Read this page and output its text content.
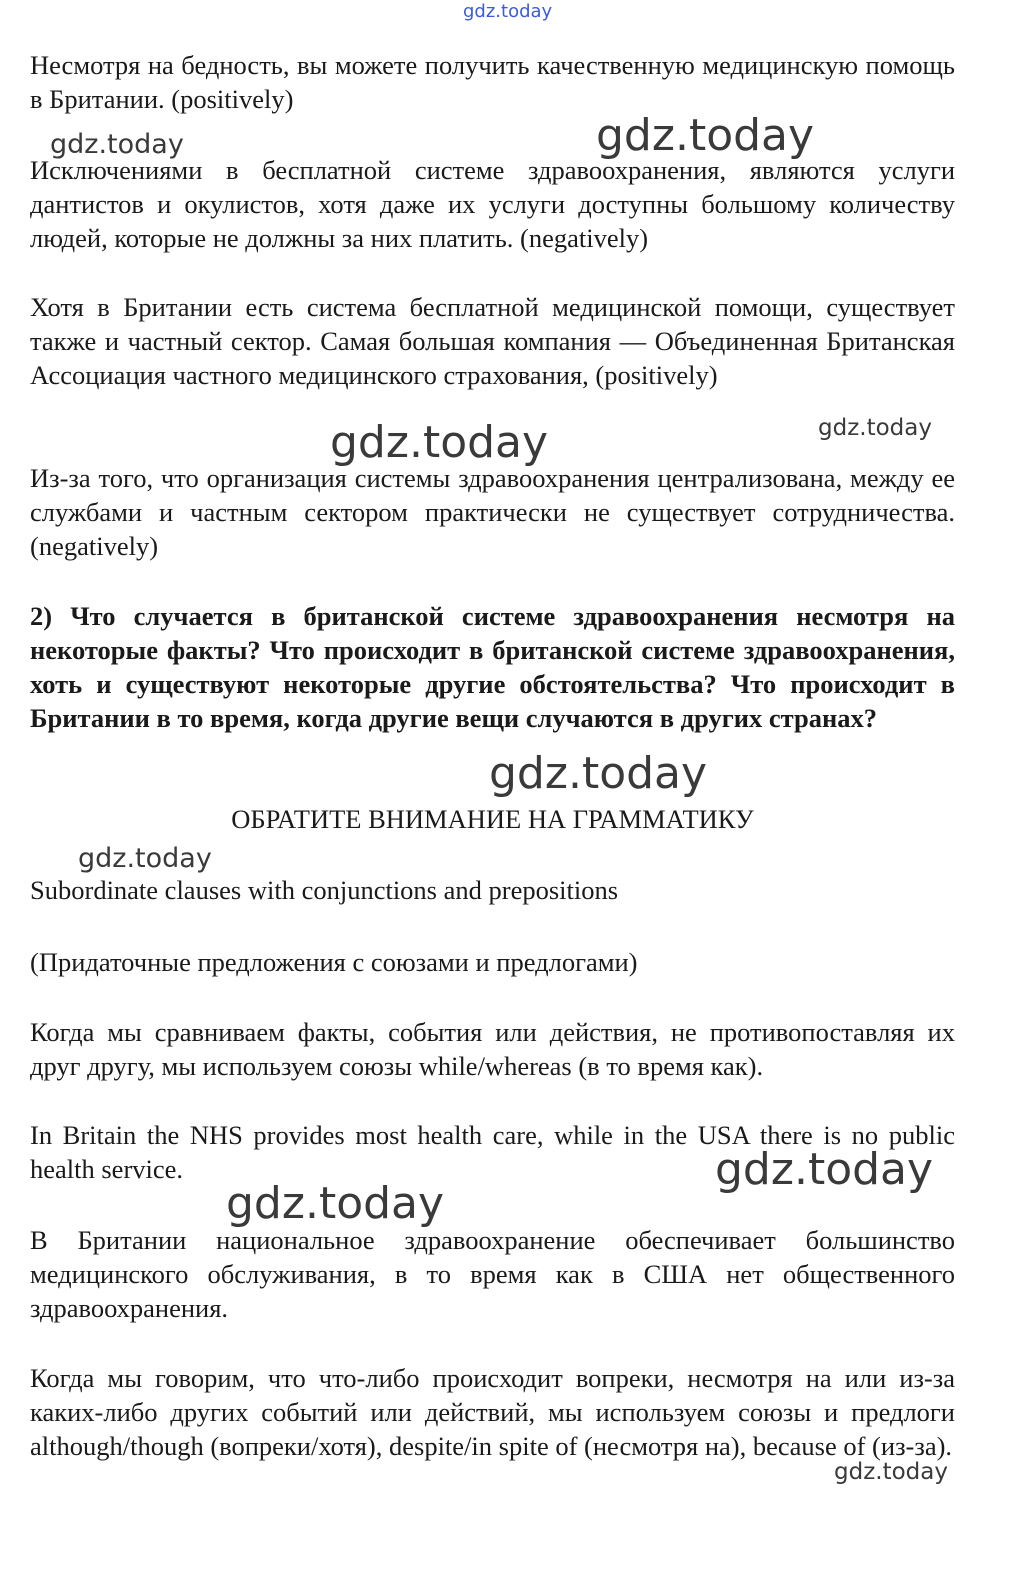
Несмотря на бедность, вы можете получить качественную медицинскую помощь в Британии. (positively)

Исключениями в бесплатной системе здравоохранения, являются услуги дантистов и окулистов, хотя даже их услуги доступны большому количеству людей, которые не должны за них платить. (negatively)

Хотя в Британии есть система бесплатной медицинской помощи, существует также и частный сектор. Самая большая компания — Объединенная Британская Ассоциация частного медицинского страхования, (positively)

Из-за того, что организация системы здравоохранения централизована, между ее службами и частным сектором практически не существует сотрудничества. (negatively)

2) Что случается в британской системе здравоохранения несмотря на некоторые факты? Что происходит в британской системе здравоохранения, хоть и существуют некоторые другие обстоятельства? Что происходит в Британии в то время, когда другие вещи случаются в других странах?

ОБРАТИТЕ ВНИМАНИЕ НА ГРАММАТИКУ

Subordinate clauses with conjunctions and prepositions

(Придаточные предложения с союзами и предлогами)

Когда мы сравниваем факты, события или действия, не противопоставляя их друг другу, мы используем союзы while/whereas (в то время как).

In Britain the NHS provides most health care, while in the USA there is no public health service.

В Британии национальное здравоохранение обеспечивает большинство медицинского обслуживания, в то время как в США нет общественного здравоохранения.

Когда мы говорим, что что-либо происходит вопреки, несмотря на или из-за каких-либо других событий или действий, мы используем союзы и предлоги although/though (вопреки/хотя), despite/in spite of (несмотря на), because of (из-за).

gdz.today
gdz.today	gdz.today
gdz.today	gdz.today
gdz.today
gdz.today
gdz.today
gdz.today
gdz.today
